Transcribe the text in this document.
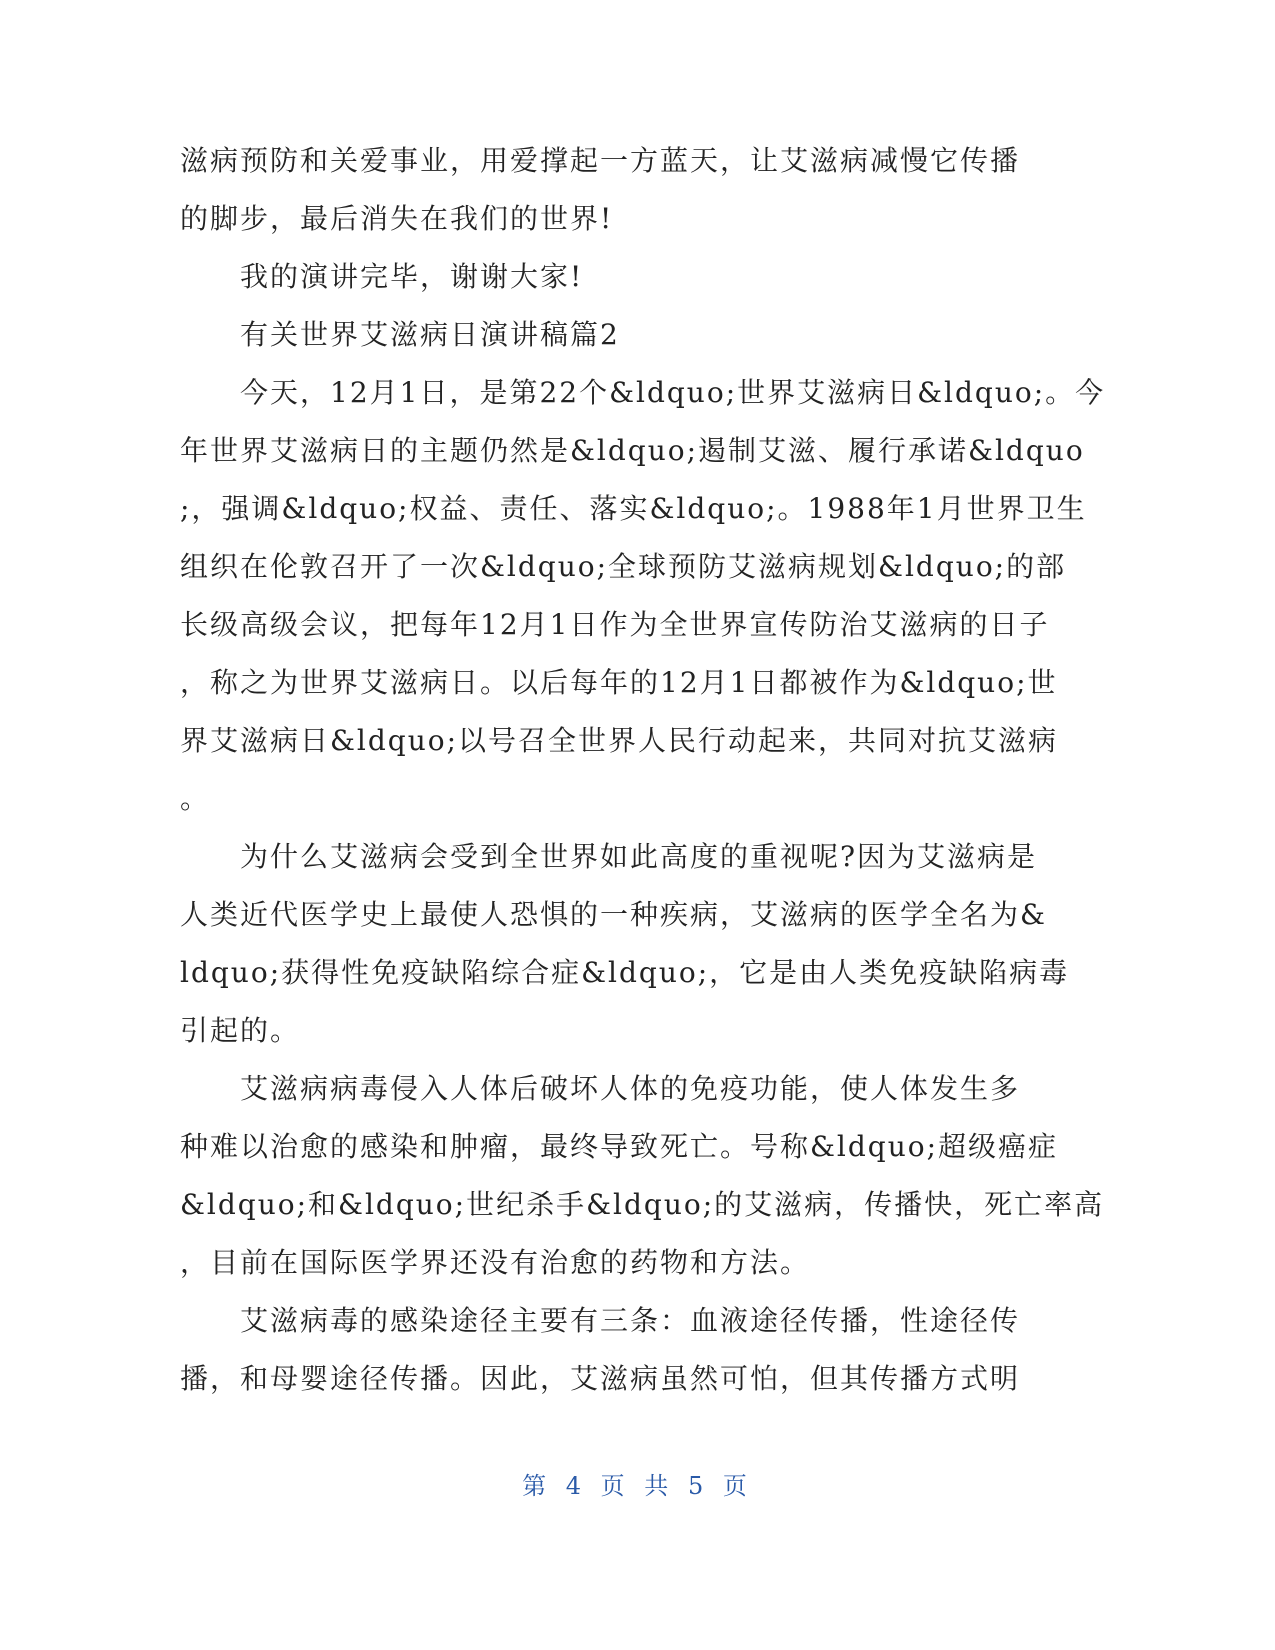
滋病预防和关爱事业，用爱撑起一方蓝天，让艾滋病减慢它传播
的脚步，最后消失在我们的世界!
我的演讲完毕，谢谢大家!
有关世界艾滋病日演讲稿篇2
今天，12月1日，是第22个&ldquo;世界艾滋病日&ldquo;。今
年世界艾滋病日的主题仍然是&ldquo;遏制艾滋、履行承诺&ldquo
;，强调&ldquo;权益、责任、落实&ldquo;。1988年1月世界卫生
组织在伦敦召开了一次&ldquo;全球预防艾滋病规划&ldquo;的部
长级高级会议，把每年12月1日作为全世界宣传防治艾滋病的日子
，称之为世界艾滋病日。以后每年的12月1日都被作为&ldquo;世
界艾滋病日&ldquo;以号召全世界人民行动起来，共同对抗艾滋病
。
为什么艾滋病会受到全世界如此高度的重视呢?因为艾滋病是
人类近代医学史上最使人恐惧的一种疾病，艾滋病的医学全名为&
ldquo;获得性免疫缺陷综合症&ldquo;，它是由人类免疫缺陷病毒
引起的。
艾滋病病毒侵入人体后破坏人体的免疫功能，使人体发生多
种难以治愈的感染和肿瘤，最终导致死亡。号称&ldquo;超级癌症
&ldquo;和&ldquo;世纪杀手&ldquo;的艾滋病，传播快，死亡率高
，目前在国际医学界还没有治愈的药物和方法。
艾滋病毒的感染途径主要有三条：血液途径传播，性途径传
播，和母婴途径传播。因此，艾滋病虽然可怕，但其传播方式明
第 4 页 共 5 页
